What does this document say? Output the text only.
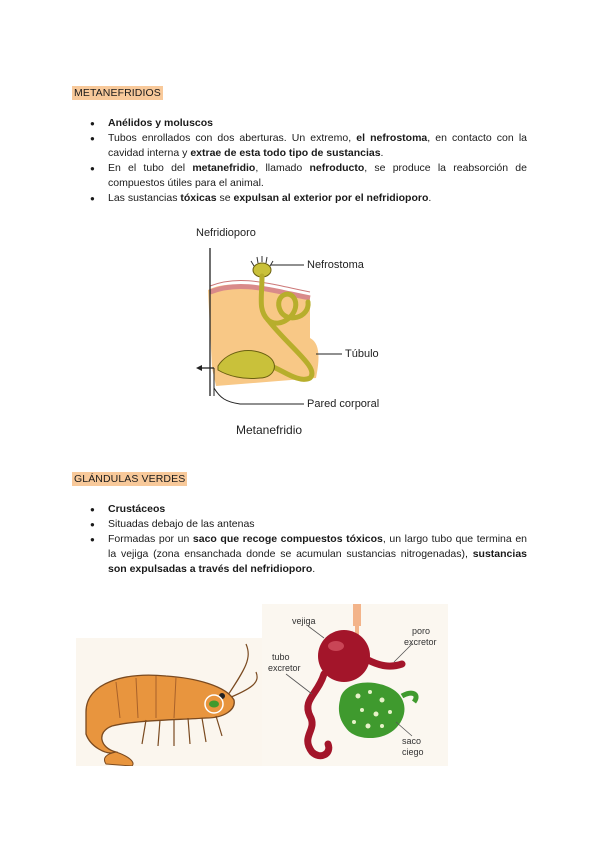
METANEFRIDIOS
● Anélidos y moluscos
● Tubos enrollados con dos aberturas. Un extremo, el nefrostoma, en contacto con la cavidad interna y extrae de esta todo tipo de sustancias.
● En el tubo del metanefridio, llamado nefroducto, se produce la reabsorción de compuestos útiles para el animal.
● Las sustancias tóxicas se expulsan al exterior por el nefridioporo.
Nefridioporo
Nefrostoma
Túbulo
Pared corporal
Metanefridio
GLÁNDULAS VERDES
● Crustáceos
● Situadas debajo de las antenas
● Formadas por un saco que recoge compuestos tóxicos, un largo tubo que termina en la vejiga (zona ensanchada donde se acumulan sustancias nitrogenadas), sustancias son expulsadas a través del nefridioporo.
vejiga
poro
excretor
tubo
excretor
saco
ciego
